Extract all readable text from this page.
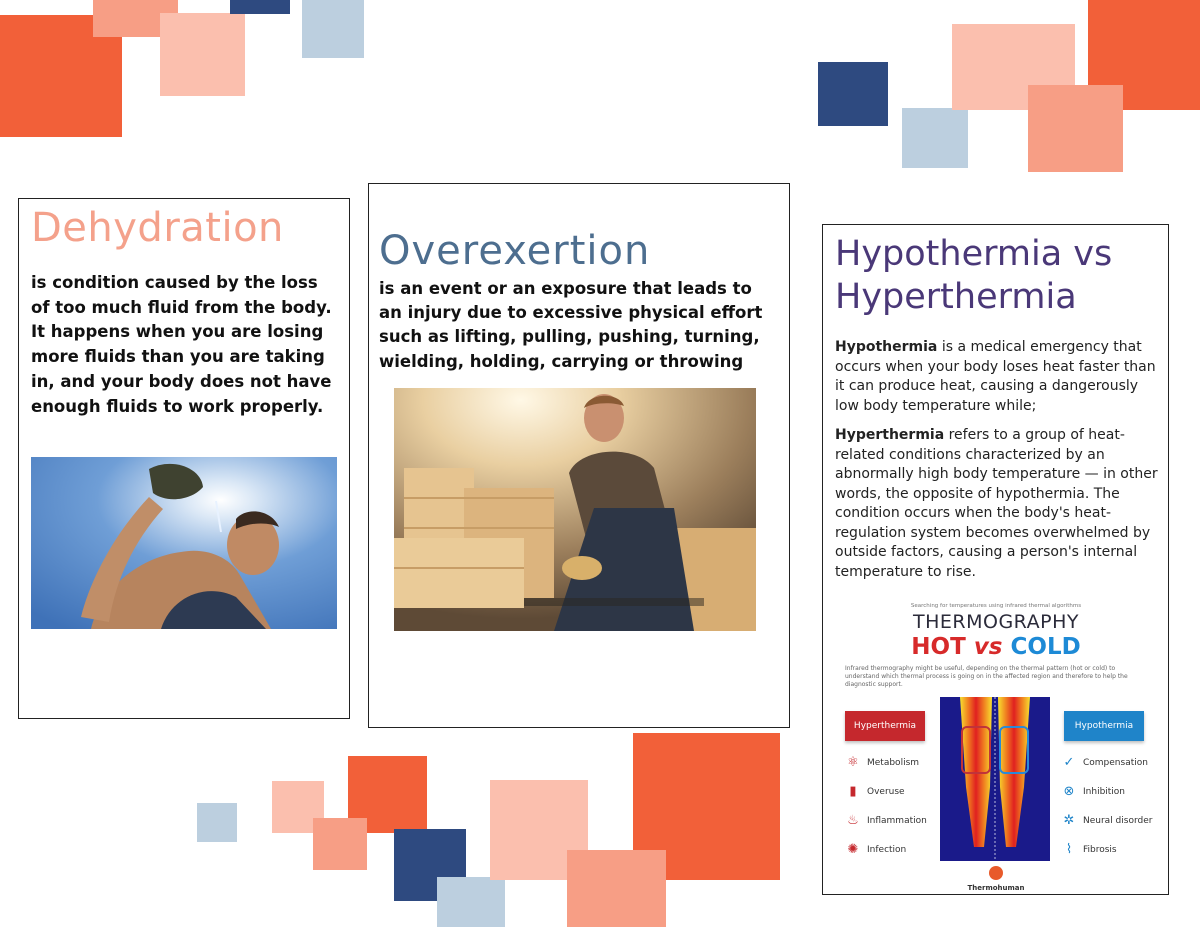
Dehydration

is condition caused by the loss of too much fluid from the body. It happens when you are losing more fluids than you are taking in, and your body does not have enough fluids to work properly.

Overexertion

is an event or an exposure that leads to an injury due to excessive physical effort such as lifting, pulling, pushing, turning, wielding, holding, carrying or throwing

Hypothermia vs
Hyperthermia

Hypothermia is a medical emergency that occurs when your body loses heat faster than it can produce heat, causing a dangerously low body temperature while;

Hyperthermia refers to a group of heat-related conditions characterized by an abnormally high body temperature — in other words, the opposite of hypothermia. The condition occurs when the body's heat-regulation system becomes overwhelmed by outside factors, causing a person's internal temperature to rise.

Searching for temperatures using infrared thermal algorithms
THERMOGRAPHY
HOT vs COLD
Infrared thermography might be useful, depending on the thermal pattern (hot or cold) to understand which thermal process is going on in the affected region and therefore to help the diagnostic support.
Hyperthermia	Hypothermia
⚛ Metabolism
▮	Overuse
♨ Inflammation
✺ Infection
✓ Compensation
⊗ Inhibition
✲ Neural disorder
⌇	Fibrosis
Thermohuman
